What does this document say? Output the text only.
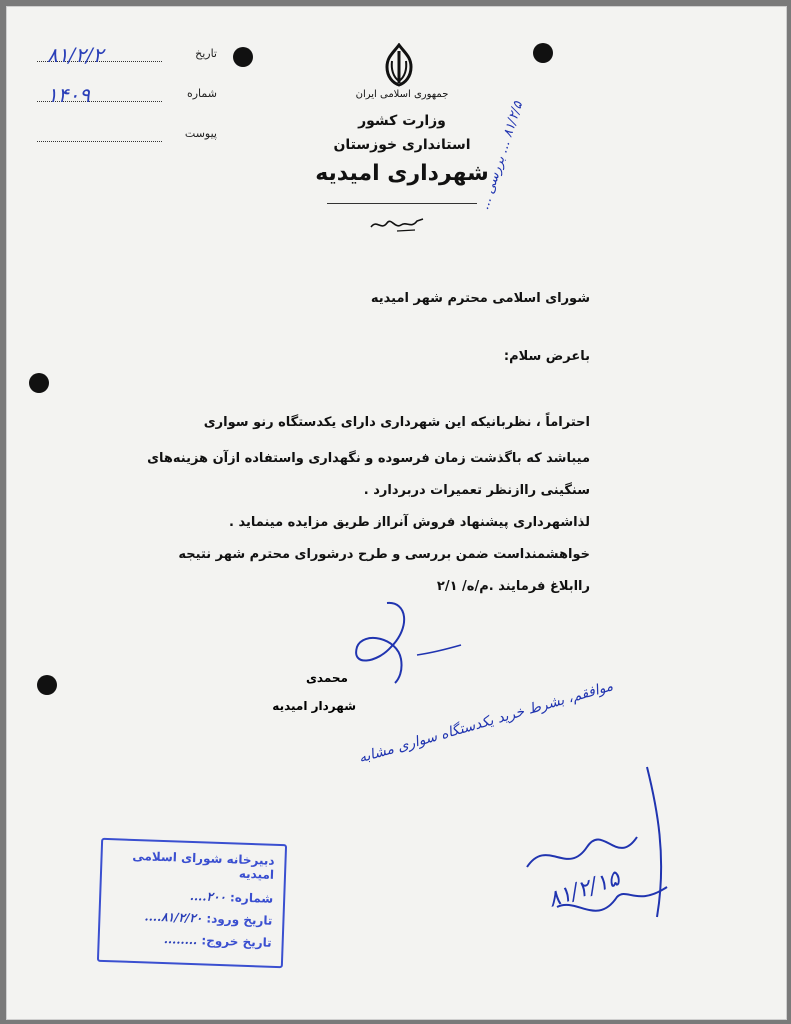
تاریخ
۸۱/۲/۲
شماره
۱۴۰۹
پیوست
جمهوری اسلامی ایران
وزارت کشور
استانداری خوزستان
شهرداری امیدیه
شورای اسلامی محترم شهر امیدیه
باعرض سلام:
احتراماً ، نظربانیکه این شهرداری دارای یکدستگاه رنو سواری
میباشد که باگذشت زمان فرسوده و نگهداری واستفاده ازآن هزینه‌های
سنگینی راازنظر تعمیرات دربردارد .
لذاشهرداری پیشنهاد فروش آنرااز طریق مزایده مینماید .
خواهشمنداست ضمن بررسی و طرح درشورای محترم شهر نتیجه
راابلاغ فرمایند .م/ه/ ۲/۱
محمدی
شهردار امیدیه موافقم، بشرط خرید یکدستگاه سواری مشابه
۸۱/۲/۵ ... بررسی ...
۸۱/۲/۱۵
دبیرخانه شورای اسلامی امیدیه
شماره: ۲۰۰....
تاریخ ورود: ۸۱/۲/۲۰....
تاریخ خروج: ........
